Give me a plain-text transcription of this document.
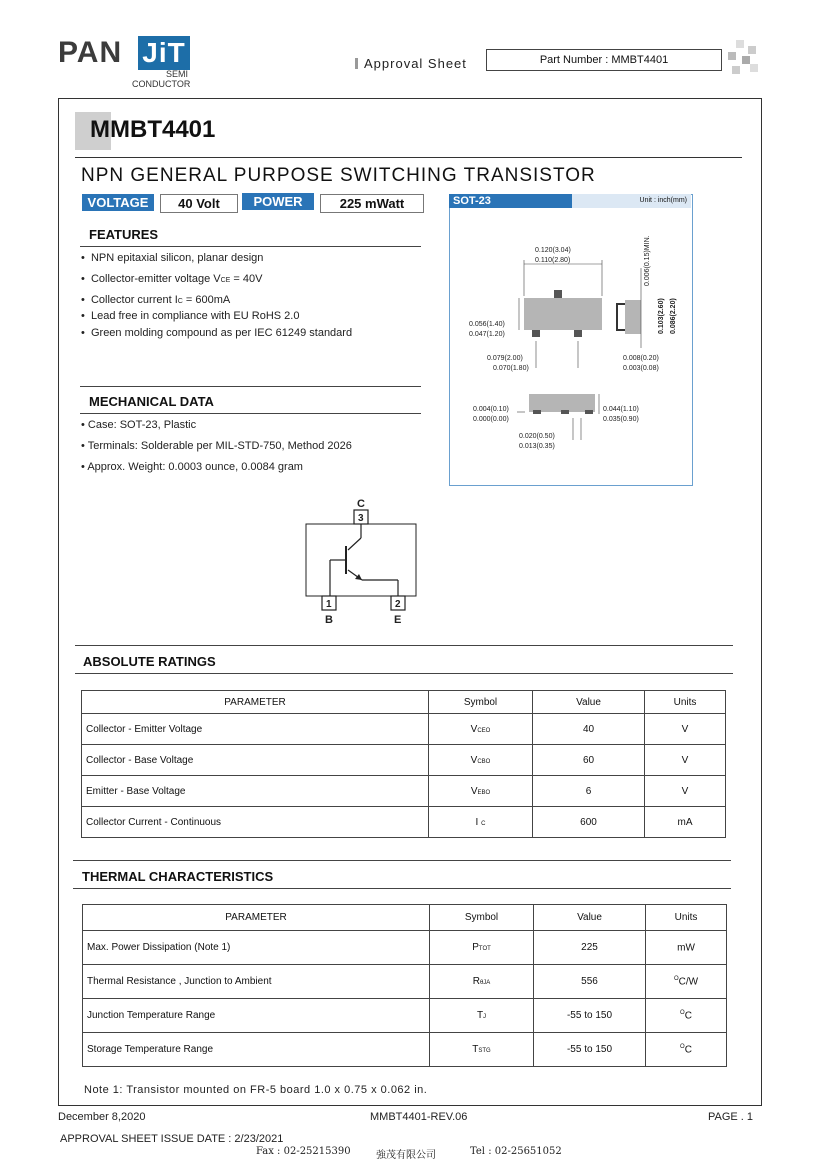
PAN JiT
SEMI
CONDUCTOR
Approval Sheet	Part Number : MMBT4401
MMBT4401
NPN GENERAL PURPOSE SWITCHING TRANSISTOR
VOLTAGE	40 Volt	POWER	225 mWatt
FEATURES
•  NPN epitaxial silicon, planar design
•  Collector-emitter voltage VCE = 40V
•  Collector current IC = 600mA
•  Lead free in compliance with EU RoHS 2.0
•  Green molding compound as per IEC 61249 standard
MECHANICAL DATA
• Case: SOT-23, Plastic
• Terminals: Solderable per MIL-STD-750, Method 2026
• Approx. Weight: 0.0003 ounce, 0.0084 gram
SOT-23	Unit : inch(mm)
0.120(3.04)
0.110(2.80)
0.056(1.40)
0.047(1.20)
0.079(2.00)
0.070(1.80)
0.006(0.15)MIN.
0.103(2.60) 0.086(2.20)
0.008(0.20)
0.003(0.08)
0.004(0.10)
0.000(0.00)
0.044(1.10)
0.035(0.90)
0.020(0.50)
0.013(0.35)
C
3
1	2
B	E
ABSOLUTE RATINGS
PARAMETER	Symbol	Value	Units
Collector - Emitter Voltage	VCEO	40	V
Collector - Base Voltage	VCBO	60	V
Emitter - Base Voltage	VEBO	6	V
Collector Current - Continuous	I C	600	mA
THERMAL CHARACTERISTICS
PARAMETER	Symbol	Value	Units
Max. Power Dissipation (Note 1)	PTOT	225	mW
Thermal Resistance , Junction to Ambient	RθJA	556	$^O$C/W
Junction Temperature Range	TJ	-55 to 150	$^O$C
Storage Temperature Range	TSTG	-55 to 150	$^O$C
Note 1: Transistor mounted on FR-5 board 1.0 x 0.75 x 0.062 in.
December 8,2020	MMBT4401-REV.06	PAGE . 1
APPROVAL SHEET ISSUE DATE : 2/23/2021
Fax : 02-25215390	強茂有限公司	Tel : 02-25651052
